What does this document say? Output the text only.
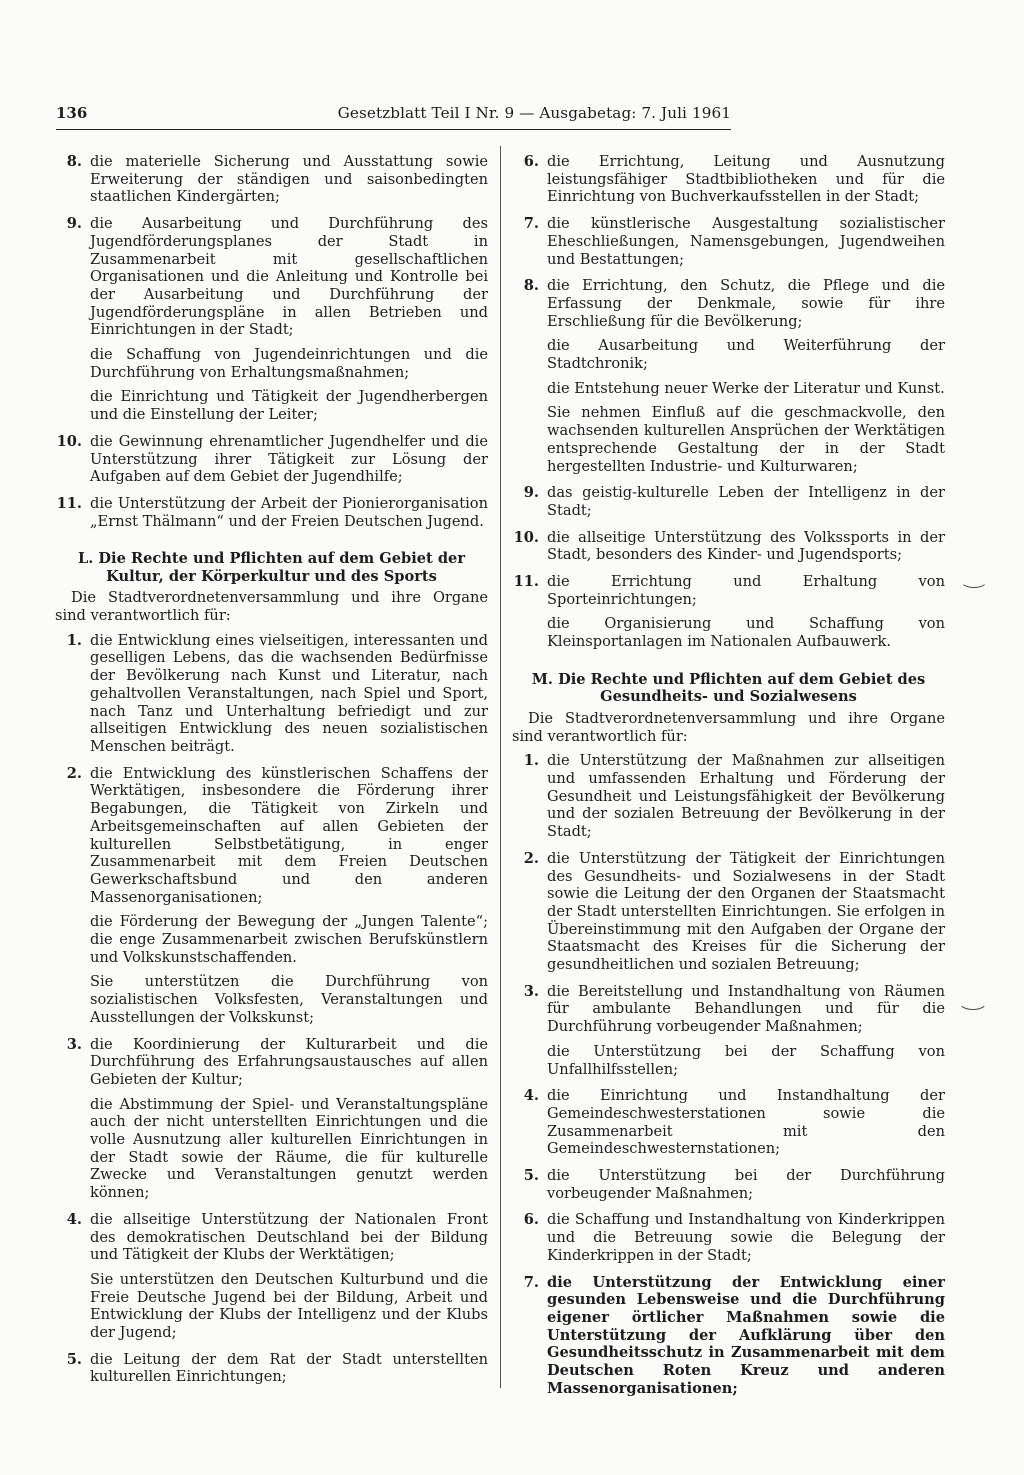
136	Gesetzblatt Teil I Nr. 9 — Ausgabetag: 7. Juli 1961
8. die materielle Sicherung und Ausstattung sowie Erweiterung der ständigen und saisonbedingten staatlichen Kindergärten;
9. die Ausarbeitung und Durchführung des Jugendförderungsplanes der Stadt in Zusammenarbeit mit gesellschaftlichen Organisationen und die Anleitung und Kontrolle bei der Ausarbeitung und Durchführung der Jugendförderungspläne in allen Betrieben und Einrichtungen in der Stadt;
die Schaffung von Jugendeinrichtungen und die Durchführung von Erhaltungsmaßnahmen;
die Einrichtung und Tätigkeit der Jugendherbergen und die Einstellung der Leiter;
10. die Gewinnung ehrenamtlicher Jugendhelfer und die Unterstützung ihrer Tätigkeit zur Lösung der Aufgaben auf dem Gebiet der Jugendhilfe;
11. die Unterstützung der Arbeit der Pionierorganisation „Ernst Thälmann“ und der Freien Deutschen Jugend.
L. Die Rechte und Pflichten auf dem Gebiet der Kultur, der Körperkultur und des Sports
Die Stadtverordnetenversammlung und ihre Organe sind verantwortlich für:
1. die Entwicklung eines vielseitigen, interessanten und geselligen Lebens, das die wachsenden Bedürfnisse der Bevölkerung nach Kunst und Literatur, nach gehaltvollen Veranstaltungen, nach Spiel und Sport, nach Tanz und Unterhaltung befriedigt und zur allseitigen Entwicklung des neuen sozialistischen Menschen beiträgt.
2. die Entwicklung des künstlerischen Schaffens der Werktätigen, insbesondere die Förderung ihrer Begabungen, die Tätigkeit von Zirkeln und Arbeitsgemeinschaften auf allen Gebieten der kulturellen Selbstbetätigung, in enger Zusammenarbeit mit dem Freien Deutschen Gewerkschaftsbund und den anderen Massenorganisationen;
die Förderung der Bewegung der „Jungen Talente“; die enge Zusammenarbeit zwischen Berufskünstlern und Volkskunstschaffenden.
Sie unterstützen die Durchführung von sozialistischen Volksfesten, Veranstaltungen und Ausstellungen der Volkskunst;
3. die Koordinierung der Kulturarbeit und die Durchführung des Erfahrungsaustausches auf allen Gebieten der Kultur;
die Abstimmung der Spiel- und Veranstaltungspläne auch der nicht unterstellten Einrichtungen und die volle Ausnutzung aller kulturellen Einrichtungen in der Stadt sowie der Räume, die für kulturelle Zwecke und Veranstaltungen genutzt werden können;
4. die allseitige Unterstützung der Nationalen Front des demokratischen Deutschland bei der Bildung und Tätigkeit der Klubs der Werktätigen;
Sie unterstützen den Deutschen Kulturbund und die Freie Deutsche Jugend bei der Bildung, Arbeit und Entwicklung der Klubs der Intelligenz und der Klubs der Jugend;
5. die Leitung der dem Rat der Stadt unterstellten kulturellen Einrichtungen;
6. die Errichtung, Leitung und Ausnutzung leistungsfähiger Stadtbibliotheken und für die Einrichtung von Buchverkaufsstellen in der Stadt;
7. die künstlerische Ausgestaltung sozialistischer Eheschließungen, Namensgebungen, Jugendweihen und Bestattungen;
8. die Errichtung, den Schutz, die Pflege und die Erfassung der Denkmale, sowie für ihre Erschließung für die Bevölkerung;
die Ausarbeitung und Weiterführung der Stadtchronik;
die Entstehung neuer Werke der Literatur und Kunst.
Sie nehmen Einfluß auf die geschmackvolle, den wachsenden kulturellen Ansprüchen der Werktätigen entsprechende Gestaltung der in der Stadt hergestellten Industrie- und Kulturwaren;
9. das geistig-kulturelle Leben der Intelligenz in der Stadt;
10. die allseitige Unterstützung des Volkssports in der Stadt, besonders des Kinder- und Jugendsports;
11. die Errichtung und Erhaltung von Sporteinrichtungen;
die Organisierung und Schaffung von Kleinsportanlagen im Nationalen Aufbauwerk.
M. Die Rechte und Pflichten auf dem Gebiet des Gesundheits- und Sozialwesens
Die Stadtverordnetenversammlung und ihre Organe sind verantwortlich für:
1. die Unterstützung der Maßnahmen zur allseitigen und umfassenden Erhaltung und Förderung der Gesundheit und Leistungsfähigkeit der Bevölkerung und der sozialen Betreuung der Bevölkerung in der Stadt;
2. die Unterstützung der Tätigkeit der Einrichtungen des Gesundheits- und Sozialwesens in der Stadt sowie die Leitung der den Organen der Staatsmacht der Stadt unterstellten Einrichtungen. Sie erfolgen in Übereinstimmung mit den Aufgaben der Organe der Staatsmacht des Kreises für die Sicherung der gesundheitlichen und sozialen Betreuung;
3. die Bereitstellung und Instandhaltung von Räumen für ambulante Behandlungen und für die Durchführung vorbeugender Maßnahmen;
die Unterstützung bei der Schaffung von Unfallhilfsstellen;
4. die Einrichtung und Instandhaltung der Gemeindeschwesterstationen sowie die Zusammenarbeit mit den Gemeindeschwesternstationen;
5. die Unterstützung bei der Durchführung vorbeugender Maßnahmen;
6. die Schaffung und Instandhaltung von Kinderkrippen und die Betreuung sowie die Belegung der Kinderkrippen in der Stadt;
7. die Unterstützung der Entwicklung einer gesunden Lebensweise und die Durchführung eigener örtlicher Maßnahmen sowie die Unterstützung der Aufklärung über den Gesundheitsschutz in Zusammenarbeit mit dem Deutschen Roten Kreuz und anderen Massenorganisationen;
